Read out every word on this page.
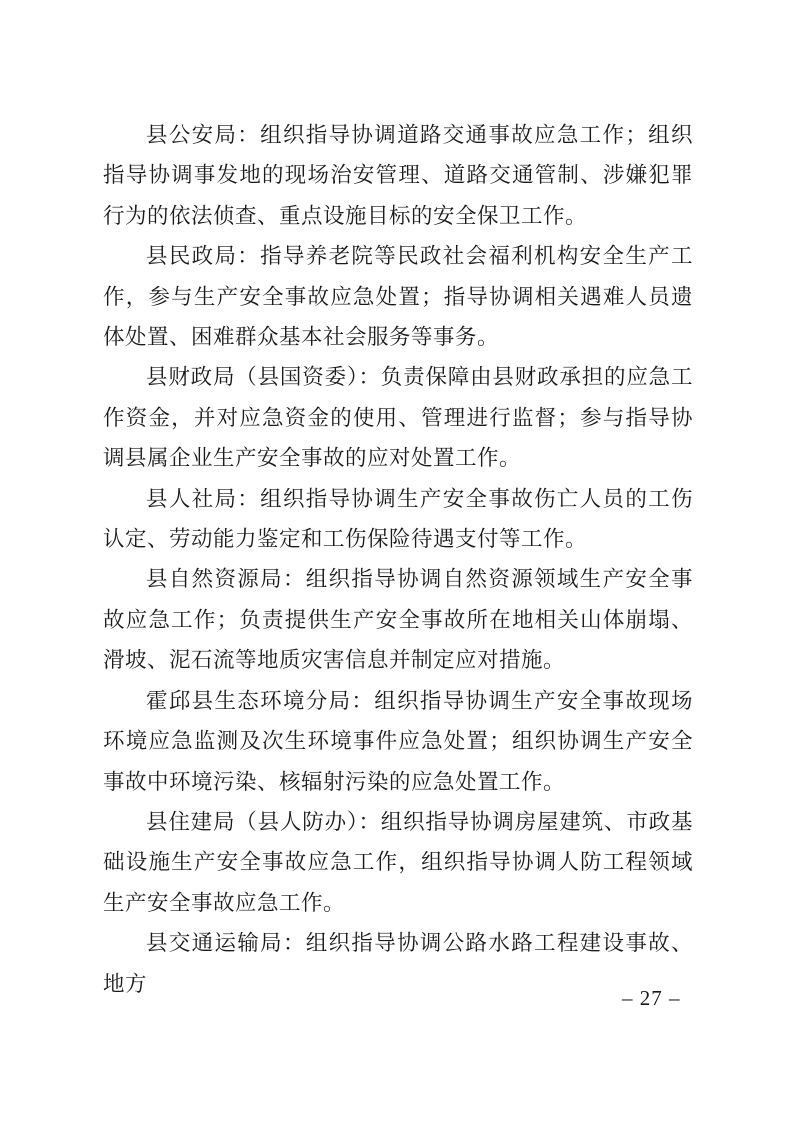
县公安局：组织指导协调道路交通事故应急工作；组织指导协调事发地的现场治安管理、道路交通管制、涉嫌犯罪行为的依法侦查、重点设施目标的安全保卫工作。

县民政局：指导养老院等民政社会福利机构安全生产工作，参与生产安全事故应急处置；指导协调相关遇难人员遗体处置、困难群众基本社会服务等事务。

县财政局（县国资委）：负责保障由县财政承担的应急工作资金，并对应急资金的使用、管理进行监督；参与指导协调县属企业生产安全事故的应对处置工作。

县人社局：组织指导协调生产安全事故伤亡人员的工伤认定、劳动能力鉴定和工伤保险待遇支付等工作。

县自然资源局：组织指导协调自然资源领域生产安全事故应急工作；负责提供生产安全事故所在地相关山体崩塌、滑坡、泥石流等地质灾害信息并制定应对措施。

霍邱县生态环境分局：组织指导协调生产安全事故现场环境应急监测及次生环境事件应急处置；组织协调生产安全事故中环境污染、核辐射污染的应急处置工作。

县住建局（县人防办）：组织指导协调房屋建筑、市政基础设施生产安全事故应急工作，组织指导协调人防工程领域生产安全事故应急工作。

县交通运输局：组织指导协调公路水路工程建设事故、地方

– 27 –
